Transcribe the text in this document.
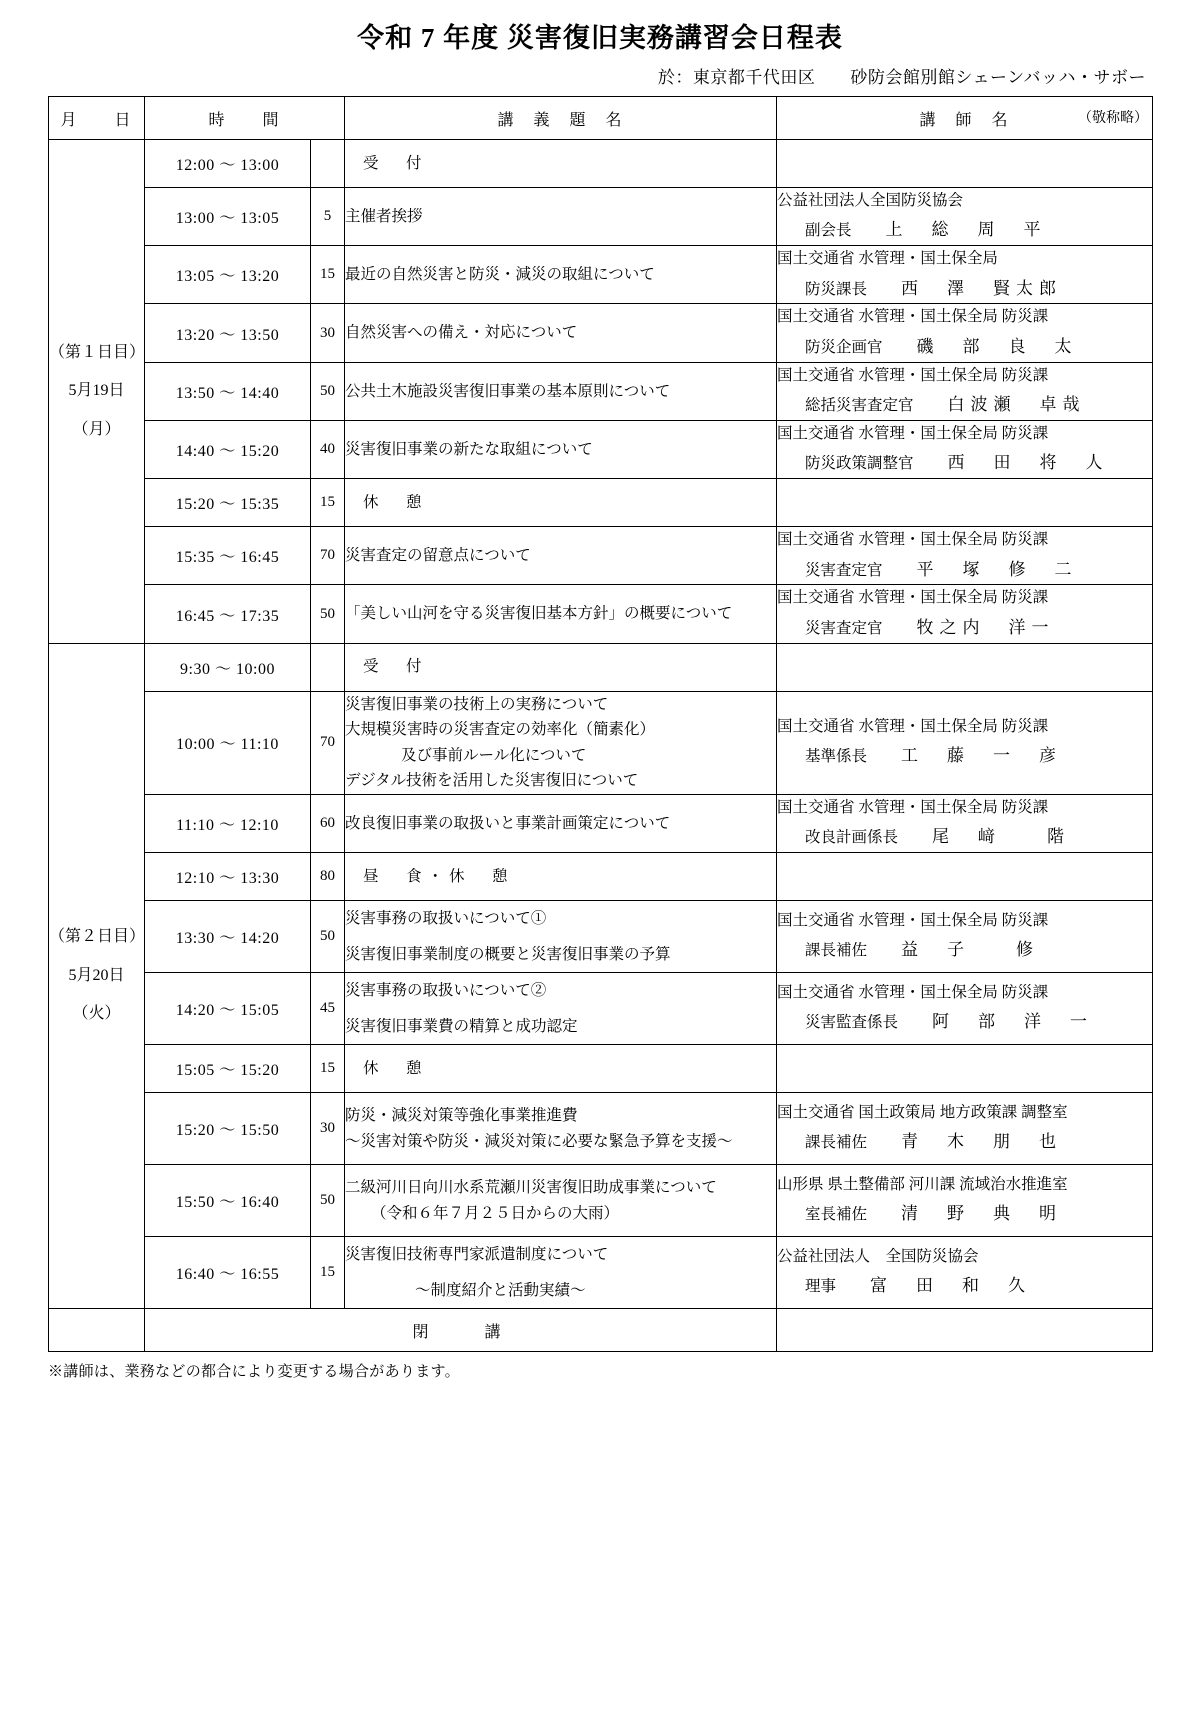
令和 7 年度 災害復旧実務講習会日程表
於：東京都千代田区　　砂防会館別館シェーンバッハ・サボー
月　　日	時　　間		講　義　題　名	講　師　名 （敬称略）

（第１日目）
5月19日
（月）	12:00 ～ 13:00		受　付	

	13:00 ～ 13:05	5	主催者挨拶	公益社団法人全国防災協会
副会長 上　総　周　平

	13:05 ～ 13:20	15	最近の自然災害と防災・減災の取組について	国土交通省 水管理・国土保全局
防災課長 西　澤　賢太郎

	13:20 ～ 13:50	30	自然災害への備え・対応について	国土交通省 水管理・国土保全局 防災課
防災企画官 磯　部　良　太

	13:50 ～ 14:40	50	公共土木施設災害復旧事業の基本原則について	国土交通省 水管理・国土保全局 防災課
総括災害査定官 白波瀬　卓哉

	14:40 ～ 15:20	40	災害復旧事業の新たな取組について	国土交通省 水管理・国土保全局 防災課
防災政策調整官 西　田　将　人

	15:20 ～ 15:35	15	休　憩	

	15:35 ～ 16:45	70	災害査定の留意点について	国土交通省 水管理・国土保全局 防災課
災害査定官 平　塚　修　二

	16:45 ～ 17:35	50	「美しい山河を守る災害復旧基本方針」の概要について	国土交通省 水管理・国土保全局 防災課
災害査定官 牧之内　洋一

（第２日目）
5月20日
（火）	9:30 ～ 10:00		受　付	

	10:00 ～ 11:10	70	災害復旧事業の技術上の実務について
大規模災害時の災害査定の効率化（簡素化）
及び事前ルール化について
デジタル技術を活用した災害復旧について	国土交通省 水管理・国土保全局 防災課
基準係長 工　藤　一　彦

	11:10 ～ 12:10	60	改良復旧事業の取扱いと事業計画策定について	国土交通省 水管理・国土保全局 防災課
改良計画係長 尾　﨑　　階

	12:10 ～ 13:30	80	昼　食・休　憩	

	13:30 ～ 14:20	50	災害事務の取扱いについて①
災害復旧事業制度の概要と災害復旧事業の予算	国土交通省 水管理・国土保全局 防災課
課長補佐 益　子　　修

	14:20 ～ 15:05	45	災害事務の取扱いについて②
災害復旧事業費の精算と成功認定	国土交通省 水管理・国土保全局 防災課
災害監査係長 阿　部　洋　一

	15:05 ～ 15:20	15	休　憩	

	15:20 ～ 15:50	30	防災・減災対策等強化事業推進費
～災害対策や防災・減災対策に必要な緊急予算を支援～	国土交通省 国土政策局 地方政策課 調整室
課長補佐 青　木　朋　也

	15:50 ～ 16:40	50	二級河川日向川水系荒瀬川災害復旧助成事業について
（令和６年７月２５日からの大雨）	山形県 県土整備部 河川課 流域治水推進室
室長補佐 清　野　典　明

	16:40 ～ 16:55	15	災害復旧技術専門家派遣制度について
～制度紹介と活動実績～	公益社団法人　全国防災協会
理事 富　田　和　久

	閉　　講			
※講師は、業務などの都合により変更する場合があります。
